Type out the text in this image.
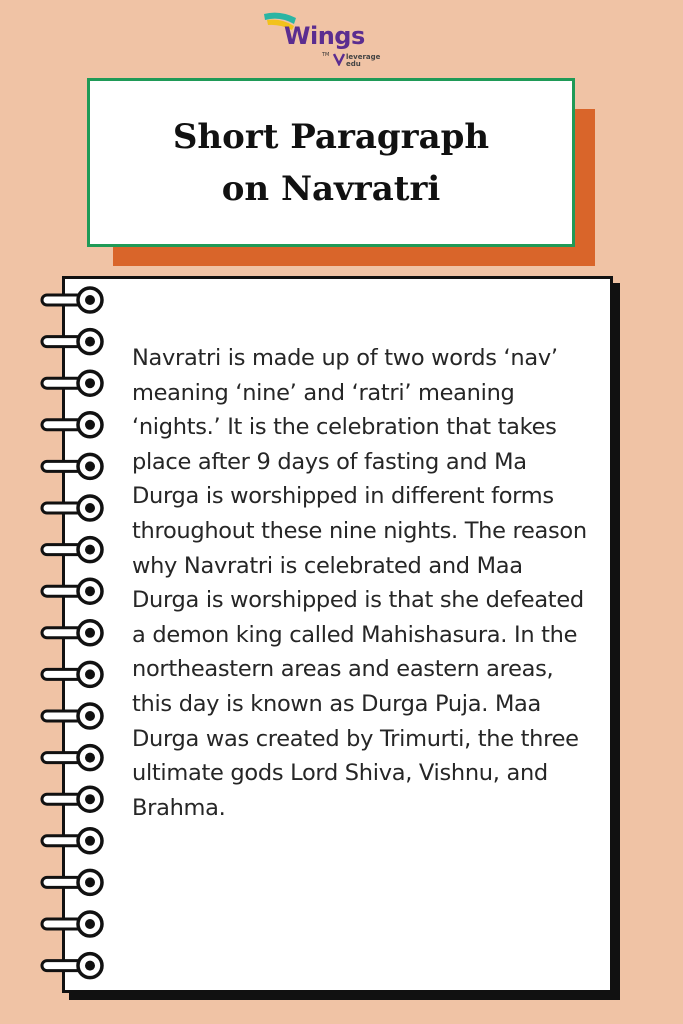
Wings
TM leverage
edu
Short Paragraph
on Navratri
Navratri is made up of two words ‘nav’ meaning ‘nine’ and ‘ratri’ meaning ‘nights.’ It is the celebration that takes place after 9 days of fasting and Ma Durga is worshipped in different forms throughout these nine nights. The reason why Navratri is celebrated and Maa Durga is worshipped is that she defeated a demon king called Mahishasura. In the northeastern areas and eastern areas, this day is known as Durga Puja. Maa Durga was created by Trimurti, the three ultimate gods Lord Shiva, Vishnu, and Brahma.
